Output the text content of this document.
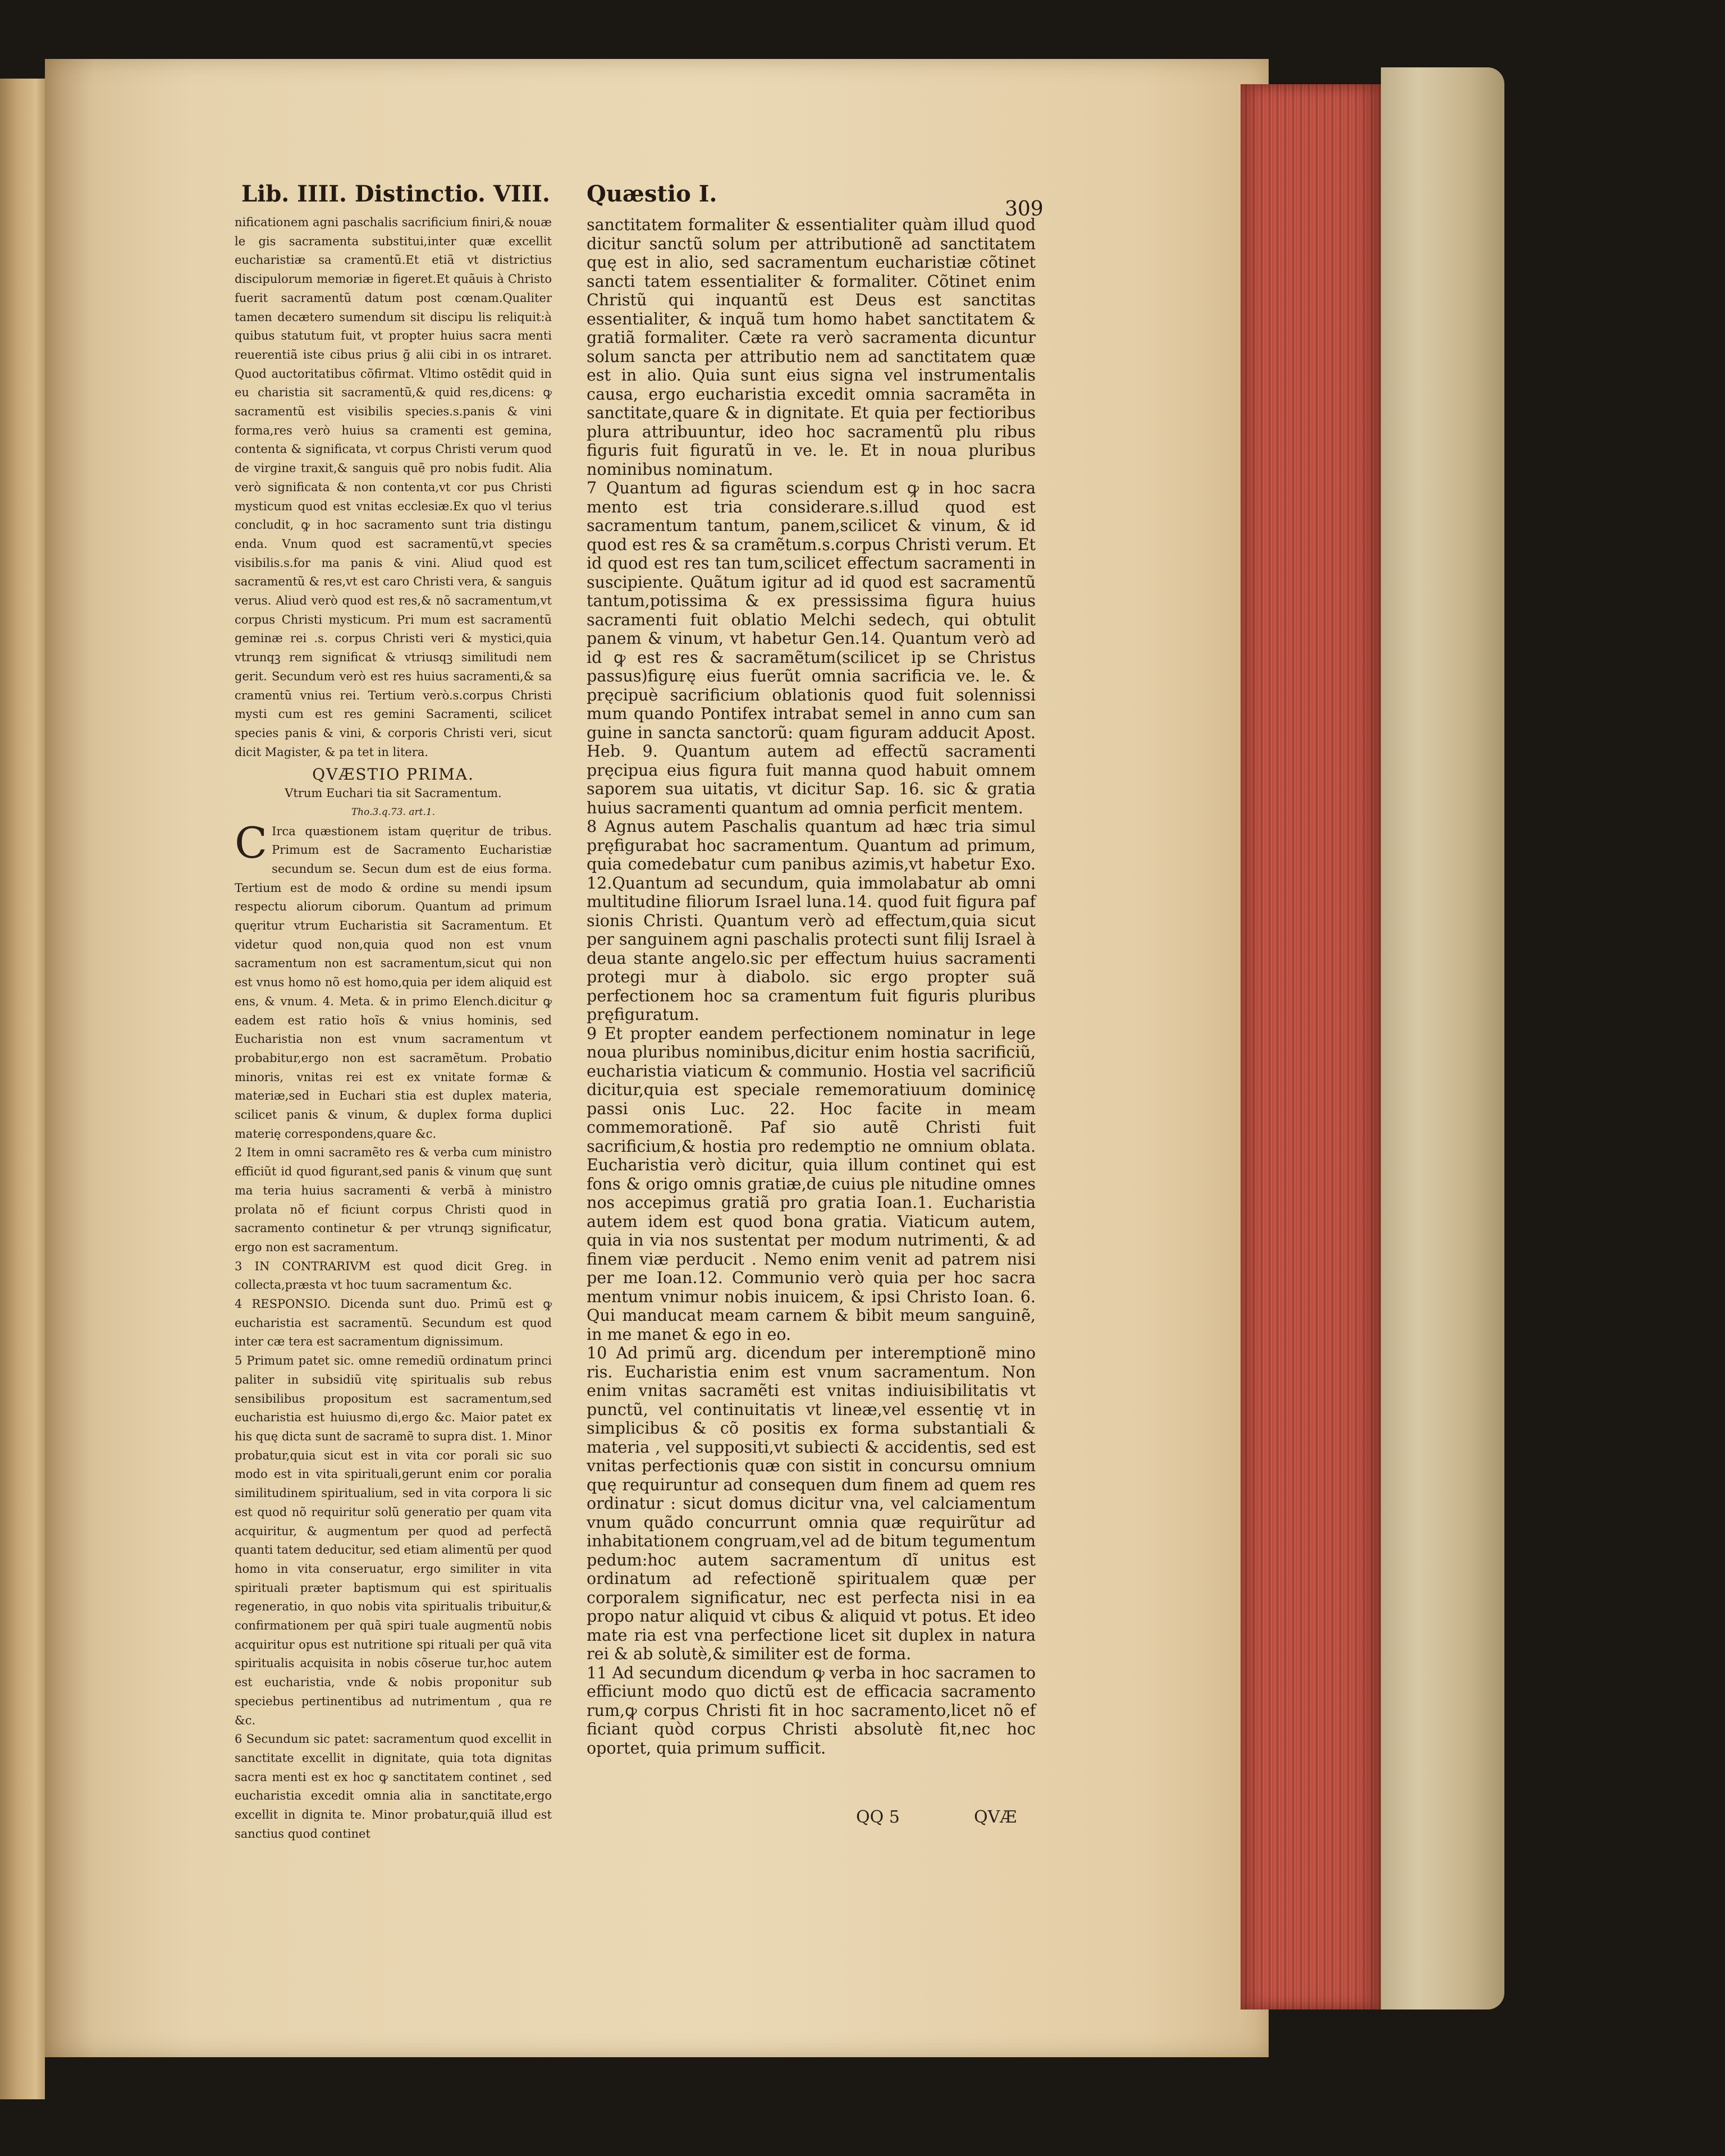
Lib. IIII. Distinctio. VIII. Quæstio I.
309

nificationem agni paschalis sacrificium finiri,& nouæ le gis sacramenta substitui,inter quæ excellit eucharistiæ sa cramentũ.Et etiã vt districtius discipulorum memoriæ in figeret.Et quãuis à Christo fuerit sacramentũ datum post cœnam.Qualiter tamen decætero sumendum sit discipu lis reliquit:à quibus statutum fuit, vt propter huius sacra menti reuerentiã iste cibus prius ğ alii cibi in os intraret. Quod auctoritatibus cõfirmat. Vltimo ostẽdit quid in eu charistia sit sacramentũ,& quid res,dicens: ꝙ sacramentũ est visibilis species.s.panis & vini forma,res verò huius sa cramenti est gemina, contenta & significata, vt corpus Christi verum quod de virgine traxit,& sanguis quẽ pro nobis fudit. Alia verò significata & non contenta,vt cor pus Christi mysticum quod est vnitas ecclesiæ.Ex quo vl terius concludit, ꝙ in hoc sacramento sunt tria distingu enda. Vnum quod est sacramentũ,vt species visibilis.s.for ma panis & vini. Aliud quod est sacramentũ & res,vt est caro Christi vera, & sanguis verus. Aliud verò quod est res,& nõ sacramentum,vt corpus Christi mysticum. Pri mum est sacramentũ geminæ rei .s. corpus Christi veri & mystici,quia vtrunqꝫ rem significat & vtriusqꝫ similitudi nem gerit. Secundum verò est res huius sacramenti,& sa cramentũ vnius rei. Tertium verò.s.corpus Christi mysti cum est res gemini Sacramenti, scilicet species panis & vini, & corporis Christi veri, sicut dicit Magister, & pa tet in litera.

QVÆSTIO PRIMA.

Vtrum Euchari tia sit Sacramentum.

Tho.3.q.73. art.1.

C Irca quæstionem istam quęritur de tribus. Primum est de Sacramento Eucharistiæ secundum se. Secun dum est de eius forma. Tertium est de modo & ordine su mendi ipsum respectu aliorum ciborum. Quantum ad primum quęritur vtrum Eucharistia sit Sacramentum. Et videtur quod non,quia quod non est vnum sacramentum non est sacramentum,sicut qui non est vnus homo nõ est homo,quia per idem aliquid est ens, & vnum. 4. Meta. & in primo Elench.dicitur ꝙ eadem est ratio hoĩs & vnius hominis, sed Eucharistia non est vnum sacramentum vt probabitur,ergo non est sacramẽtum. Probatio minoris, vnitas rei est ex vnitate formæ & materiæ,sed in Euchari stia est duplex materia, scilicet panis & vinum, & duplex forma duplici materię correspondens,quare &c.

2 Item in omni sacramẽto res & verba cum ministro efficiũt id quod figurant,sed panis & vinum quę sunt ma teria huius sacramenti & verbã à ministro prolata nõ ef ficiunt corpus Christi quod in sacramento continetur & per vtrunqꝫ significatur, ergo non est sacramentum.

3 IN CONTRARIVM est quod dicit Greg. in collecta,præsta vt hoc tuum sacramentum &c.

4 RESPONSIO. Dicenda sunt duo. Primũ est ꝙ eucharistia est sacramentũ. Secundum est quod inter cæ tera est sacramentum dignissimum.

5 Primum patet sic. omne remediũ ordinatum princi paliter in subsidiũ vitę spiritualis sub rebus sensibilibus propositum est sacramentum,sed eucharistia est huiusmo di,ergo &c. Maior patet ex his quę dicta sunt de sacramẽ to supra dist. 1. Minor probatur,quia sicut est in vita cor porali sic suo modo est in vita spirituali,gerunt enim cor poralia similitudinem spiritualium, sed in vita corpora li sic est quod nõ requiritur solũ generatio per quam vita acquiritur, & augmentum per quod ad perfectã quanti tatem deducitur, sed etiam alimentũ per quod homo in vita conseruatur, ergo similiter in vita spirituali præter baptismum qui est spiritualis regeneratio, in quo nobis vita spiritualis tribuitur,& confirmationem per quã spiri tuale augmentũ nobis acquiritur opus est nutritione spi rituali per quã vita spiritualis acquisita in nobis cõserue tur,hoc autem est eucharistia, vnde & nobis proponitur sub speciebus pertinentibus ad nutrimentum , qua re &c.

6 Secundum sic patet: sacramentum quod excellit in sanctitate excellit in dignitate, quia tota dignitas sacra menti est ex hoc ꝙ sanctitatem continet , sed eucharistia excedit omnia alia in sanctitate,ergo excellit in dignita te. Minor probatur,quiã illud est sanctius quod continet

sanctitatem formaliter & essentialiter quàm illud quod dicitur sanctũ solum per attributionẽ ad sanctitatem quę est in alio, sed sacramentum eucharistiæ cõtinet sancti tatem essentialiter & formaliter. Cõtinet enim Christũ qui inquantũ est Deus est sanctitas essentialiter, & inquã tum homo habet sanctitatem & gratiã formaliter. Cæte ra verò sacramenta dicuntur solum sancta per attributio nem ad sanctitatem quæ est in alio. Quia sunt eius signa vel instrumentalis causa, ergo eucharistia excedit omnia sacramẽta in sanctitate,quare & in dignitate. Et quia per fectioribus plura attribuuntur, ideo hoc sacramentũ plu ribus figuris fuit figuratũ in ve. le. Et in noua pluribus nominibus nominatum.

7 Quantum ad figuras sciendum est ꝙ in hoc sacra mento est tria considerare.s.illud quod est sacramentum tantum, panem,scilicet & vinum, & id quod est res & sa cramẽtum.s.corpus Christi verum. Et id quod est res tan tum,scilicet effectum sacramenti in suscipiente. Quãtum igitur ad id quod est sacramentũ tantum,potissima & ex pressissima figura huius sacramenti fuit oblatio Melchi sedech, qui obtulit panem & vinum, vt habetur Gen.14. Quantum verò ad id ꝙ est res & sacramẽtum(scilicet ip se Christus passus)figurę eius fuerũt omnia sacrificia ve. le. & pręcipuè sacrificium oblationis quod fuit solennissi mum quando Pontifex intrabat semel in anno cum san guine in sancta sanctorũ: quam figuram adducit Apost. Heb. 9. Quantum autem ad effectũ sacramenti pręcipua eius figura fuit manna quod habuit omnem saporem sua uitatis, vt dicitur Sap. 16. sic & gratia huius sacramenti quantum ad omnia perficit mentem.

8 Agnus autem Paschalis quantum ad hæc tria simul pręfigurabat hoc sacramentum. Quantum ad primum, quia comedebatur cum panibus azimis,vt habetur Exo. 12.Quantum ad secundum, quia immolabatur ab omni multitudine filiorum Israel luna.14. quod fuit figura paf sionis Christi. Quantum verò ad effectum,quia sicut per sanguinem agni paschalis protecti sunt filij Israel à deua stante angelo.sic per effectum huius sacramenti protegi mur à diabolo. sic ergo propter suã perfectionem hoc sa cramentum fuit figuris pluribus pręfiguratum.

9 Et propter eandem perfectionem nominatur in lege noua pluribus nominibus,dicitur enim hostia sacrificiũ, eucharistia viaticum & communio. Hostia vel sacrificiũ dicitur,quia est speciale rememoratiuum dominicę passi onis Luc. 22. Hoc facite in meam commemorationẽ. Paf sio autẽ Christi fuit sacrificium,& hostia pro redemptio ne omnium oblata. Eucharistia verò dicitur, quia illum continet qui est fons & origo omnis gratiæ,de cuius ple nitudine omnes nos accepimus gratiã pro gratia Ioan.1. Eucharistia autem idem est quod bona gratia. Viaticum autem, quia in via nos sustentat per modum nutrimenti, & ad finem viæ perducit . Nemo enim venit ad patrem nisi per me Ioan.12. Communio verò quia per hoc sacra mentum vnimur nobis inuicem, & ipsi Christo Ioan. 6. Qui manducat meam carnem & bibit meum sanguinẽ, in me manet & ego in eo.

10 Ad primũ arg. dicendum per interemptionẽ mino ris. Eucharistia enim est vnum sacramentum. Non enim vnitas sacramẽti est vnitas indiuisibilitatis vt punctũ, vel continuitatis vt lineæ,vel essentię vt in simplicibus & cõ positis ex forma substantiali & materia , vel suppositi,vt subiecti & accidentis, sed est vnitas perfectionis quæ con sistit in concursu omnium quę requiruntur ad consequen dum finem ad quem res ordinatur : sicut domus dicitur vna, vel calciamentum vnum quãdo concurrunt omnia quæ requirũtur ad inhabitationem congruam,vel ad de bitum tegumentum pedum:hoc autem sacramentum dĩ unitus est ordinatum ad refectionẽ spiritualem quæ per corporalem significatur, nec est perfecta nisi in ea propo natur aliquid vt cibus & aliquid vt potus. Et ideo mate ria est vna perfectione licet sit duplex in natura rei & ab solutè,& similiter est de forma.

11 Ad secundum dicendum ꝙ verba in hoc sacramen to efficiunt modo quo dictũ est de efficacia sacramento rum,ꝙ corpus Christi fit in hoc sacramento,licet nõ ef ficiant quòd corpus Christi absolutè fit,nec hoc oportet, quia primum sufficit.

QQ 5	QVÆ
